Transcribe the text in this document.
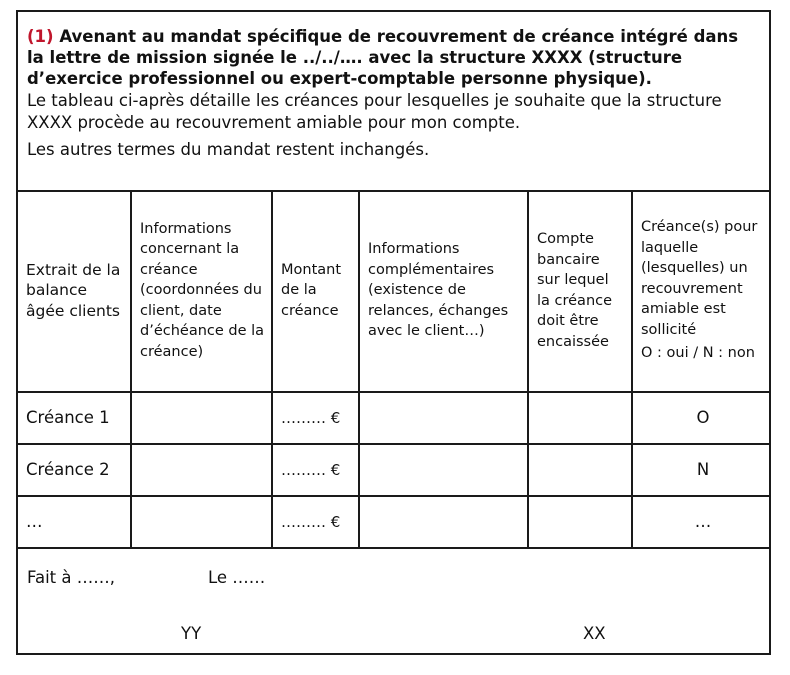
(1) Avenant au mandat spécifique de recouvrement de créance intégré dans la lettre de mission signée le ../../…. avec la structure XXXX (structure d’exercice professionnel ou expert-comptable personne physique).

Le tableau ci-après détaille les créances pour lesquelles je souhaite que la structure XXXX procède au recouvrement amiable pour mon compte.

Les autres termes du mandat restent inchangés.

Extrait de la balance âgée clients	Informations concernant la créance (coordonnées du client, date d’échéance de la créance)	Montant de la créance	Informations complémentaires (existence de relances, échanges avec le client…)	Compte bancaire sur lequel la créance doit être encaissée	Créance(s) pour laquelle (lesquelles) un recouvrement amiable est sollicité
O : oui / N : non

Créance 1		……… €			O
Créance 2		……… €			N
…		……… €			…
Fait à ……,	Le ……
YY	XX
